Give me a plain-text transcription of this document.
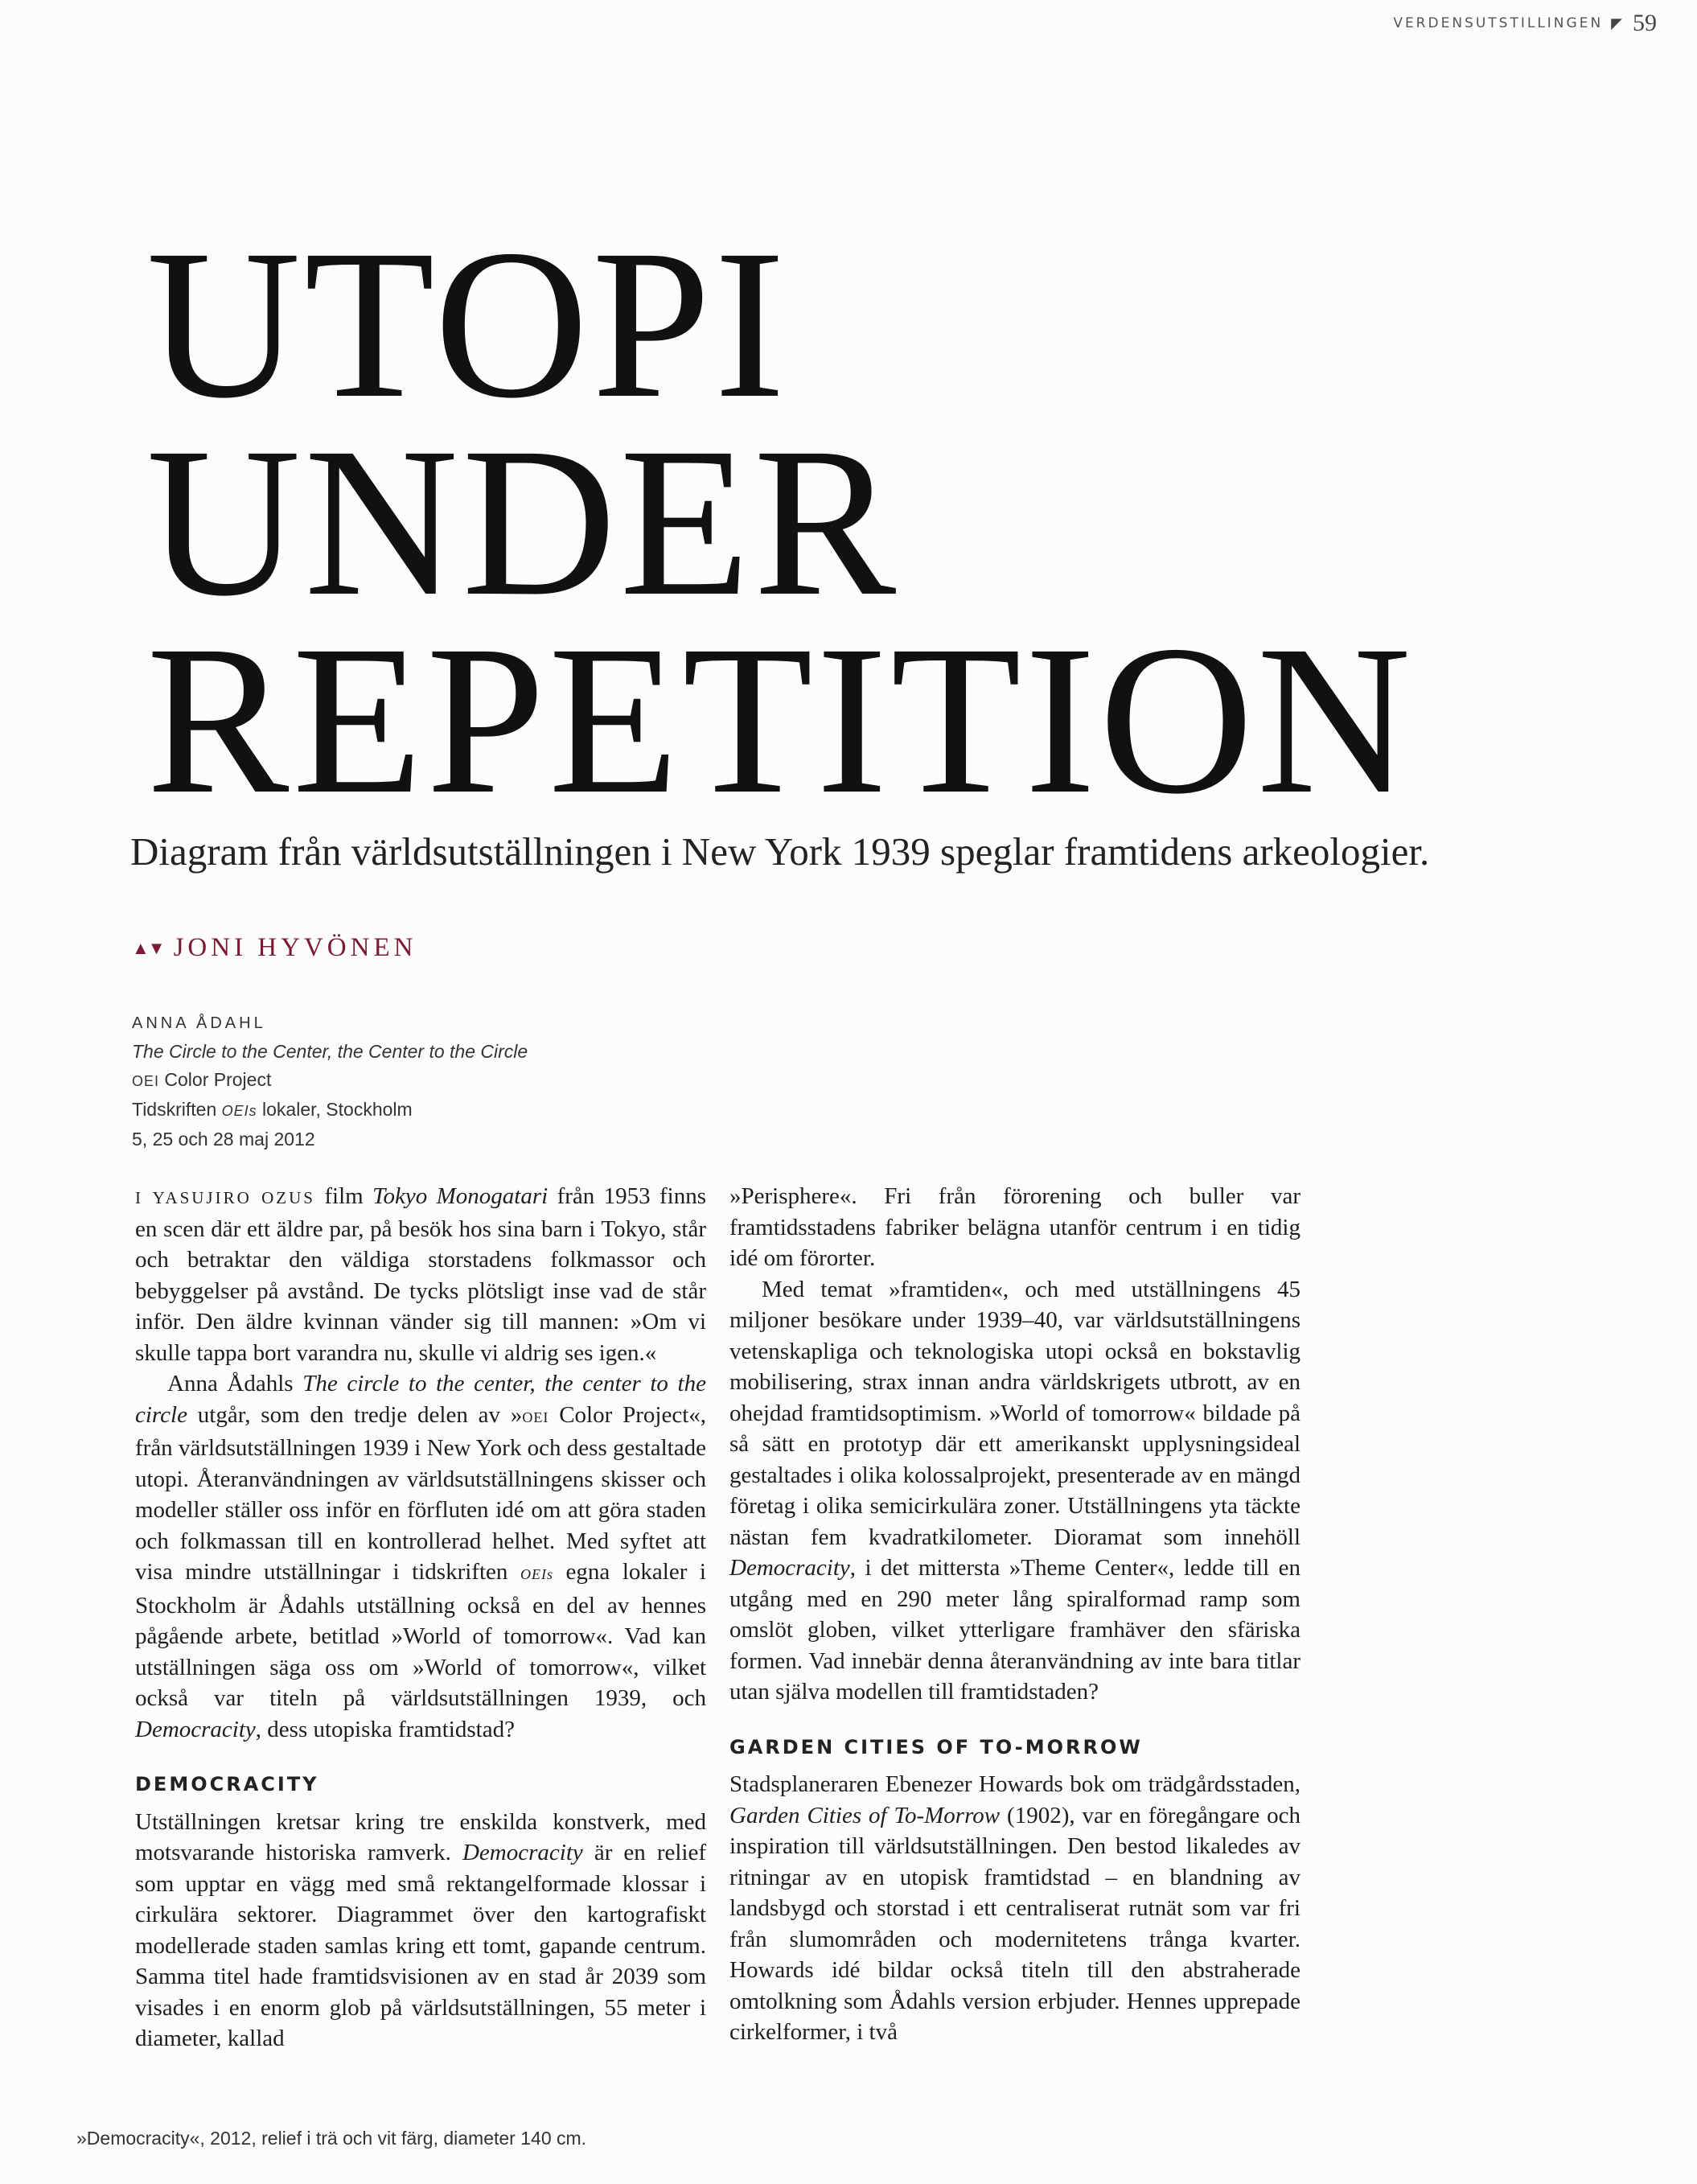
VERDENSUTSTILLINGEN ◤ 59
UTOPI
UNDER
REPETITION

Diagram från världsutställningen i New York 1939 speglar framtidens arkeologier.

▲▼ JONI HYVÖNEN
ANNA ÅDAHL
The Circle to the Center, the Center to the Circle
OEI Color Project
Tidskriften OEIs lokaler, Stockholm
5, 25 och 28 maj 2012

I YASUJIRO OZUS film Tokyo Monogatari från 1953 finns en scen där ett äldre par, på besök hos sina barn i Tokyo, står och betraktar den väldiga storstadens folkmassor och bebyggelser på avstånd. De tycks plötsligt inse vad de står inför. Den äldre kvinnan vänder sig till mannen: »Om vi skulle tappa bort varandra nu, skulle vi aldrig ses igen.«

Anna Ådahls The circle to the center, the center to the circle utgår, som den tredje delen av »OEI Color Project«, från världsutställningen 1939 i New York och dess gestaltade utopi. Återanvändningen av världsutställningens skisser och modeller ställer oss inför en förfluten idé om att göra staden och folkmassan till en kontrollerad helhet. Med syftet att visa mindre utställningar i tidskriften OEIs egna lokaler i Stockholm är Ådahls utställning också en del av hennes pågående arbete, betitlad »World of tomorrow«. Vad kan utställningen säga oss om »World of tomorrow«, vilket också var titeln på världsutställningen 1939, och Democracity, dess utopiska framtidstad?

DEMOCRACITY

Utställningen kretsar kring tre enskilda konstverk, med motsvarande historiska ramverk. Democracity är en relief som upptar en vägg med små rektangelformade klossar i cirkulära sektorer. Diagrammet över den kartografiskt modellerade staden samlas kring ett tomt, gapande centrum. Samma titel hade framtidsvisionen av en stad år 2039 som visades i en enorm glob på världsutställningen, 55 meter i diameter, kallad

»Perisphere«. Fri från förorening och buller var framtidsstadens fabriker belägna utanför centrum i en tidig idé om förorter.

Med temat »framtiden«, och med utställningens 45 miljoner besökare under 1939–40, var världsutställningens vetenskapliga och teknologiska utopi också en bokstavlig mobilisering, strax innan andra världskrigets utbrott, av en ohejdad framtidsoptimism. »World of tomorrow« bildade på så sätt en prototyp där ett amerikanskt upplysningsideal gestaltades i olika kolossalprojekt, presenterade av en mängd företag i olika semicirkulära zoner. Utställningens yta täckte nästan fem kvadratkilometer. Dioramat som innehöll Democracity, i det mittersta »Theme Center«, ledde till en utgång med en 290 meter lång spiralformad ramp som omslöt globen, vilket ytterligare framhäver den sfäriska formen. Vad innebär denna återanvändning av inte bara titlar utan själva modellen till framtidstaden?

GARDEN CITIES OF TO-MORROW

Stadsplaneraren Ebenezer Howards bok om trädgårdsstaden, Garden Cities of To-Morrow (1902), var en föregångare och inspiration till världsutställningen. Den bestod likaledes av ritningar av en utopisk framtidstad – en blandning av landsbygd och storstad i ett centraliserat rutnät som var fri från slumområden och modernitetens trånga kvarter. Howards idé bildar också titeln till den abstraherade omtolkning som Ådahls version erbjuder. Hennes upprepade cirkelformer, i två

»Democracity«, 2012, relief i trä och vit färg, diameter 140 cm.
